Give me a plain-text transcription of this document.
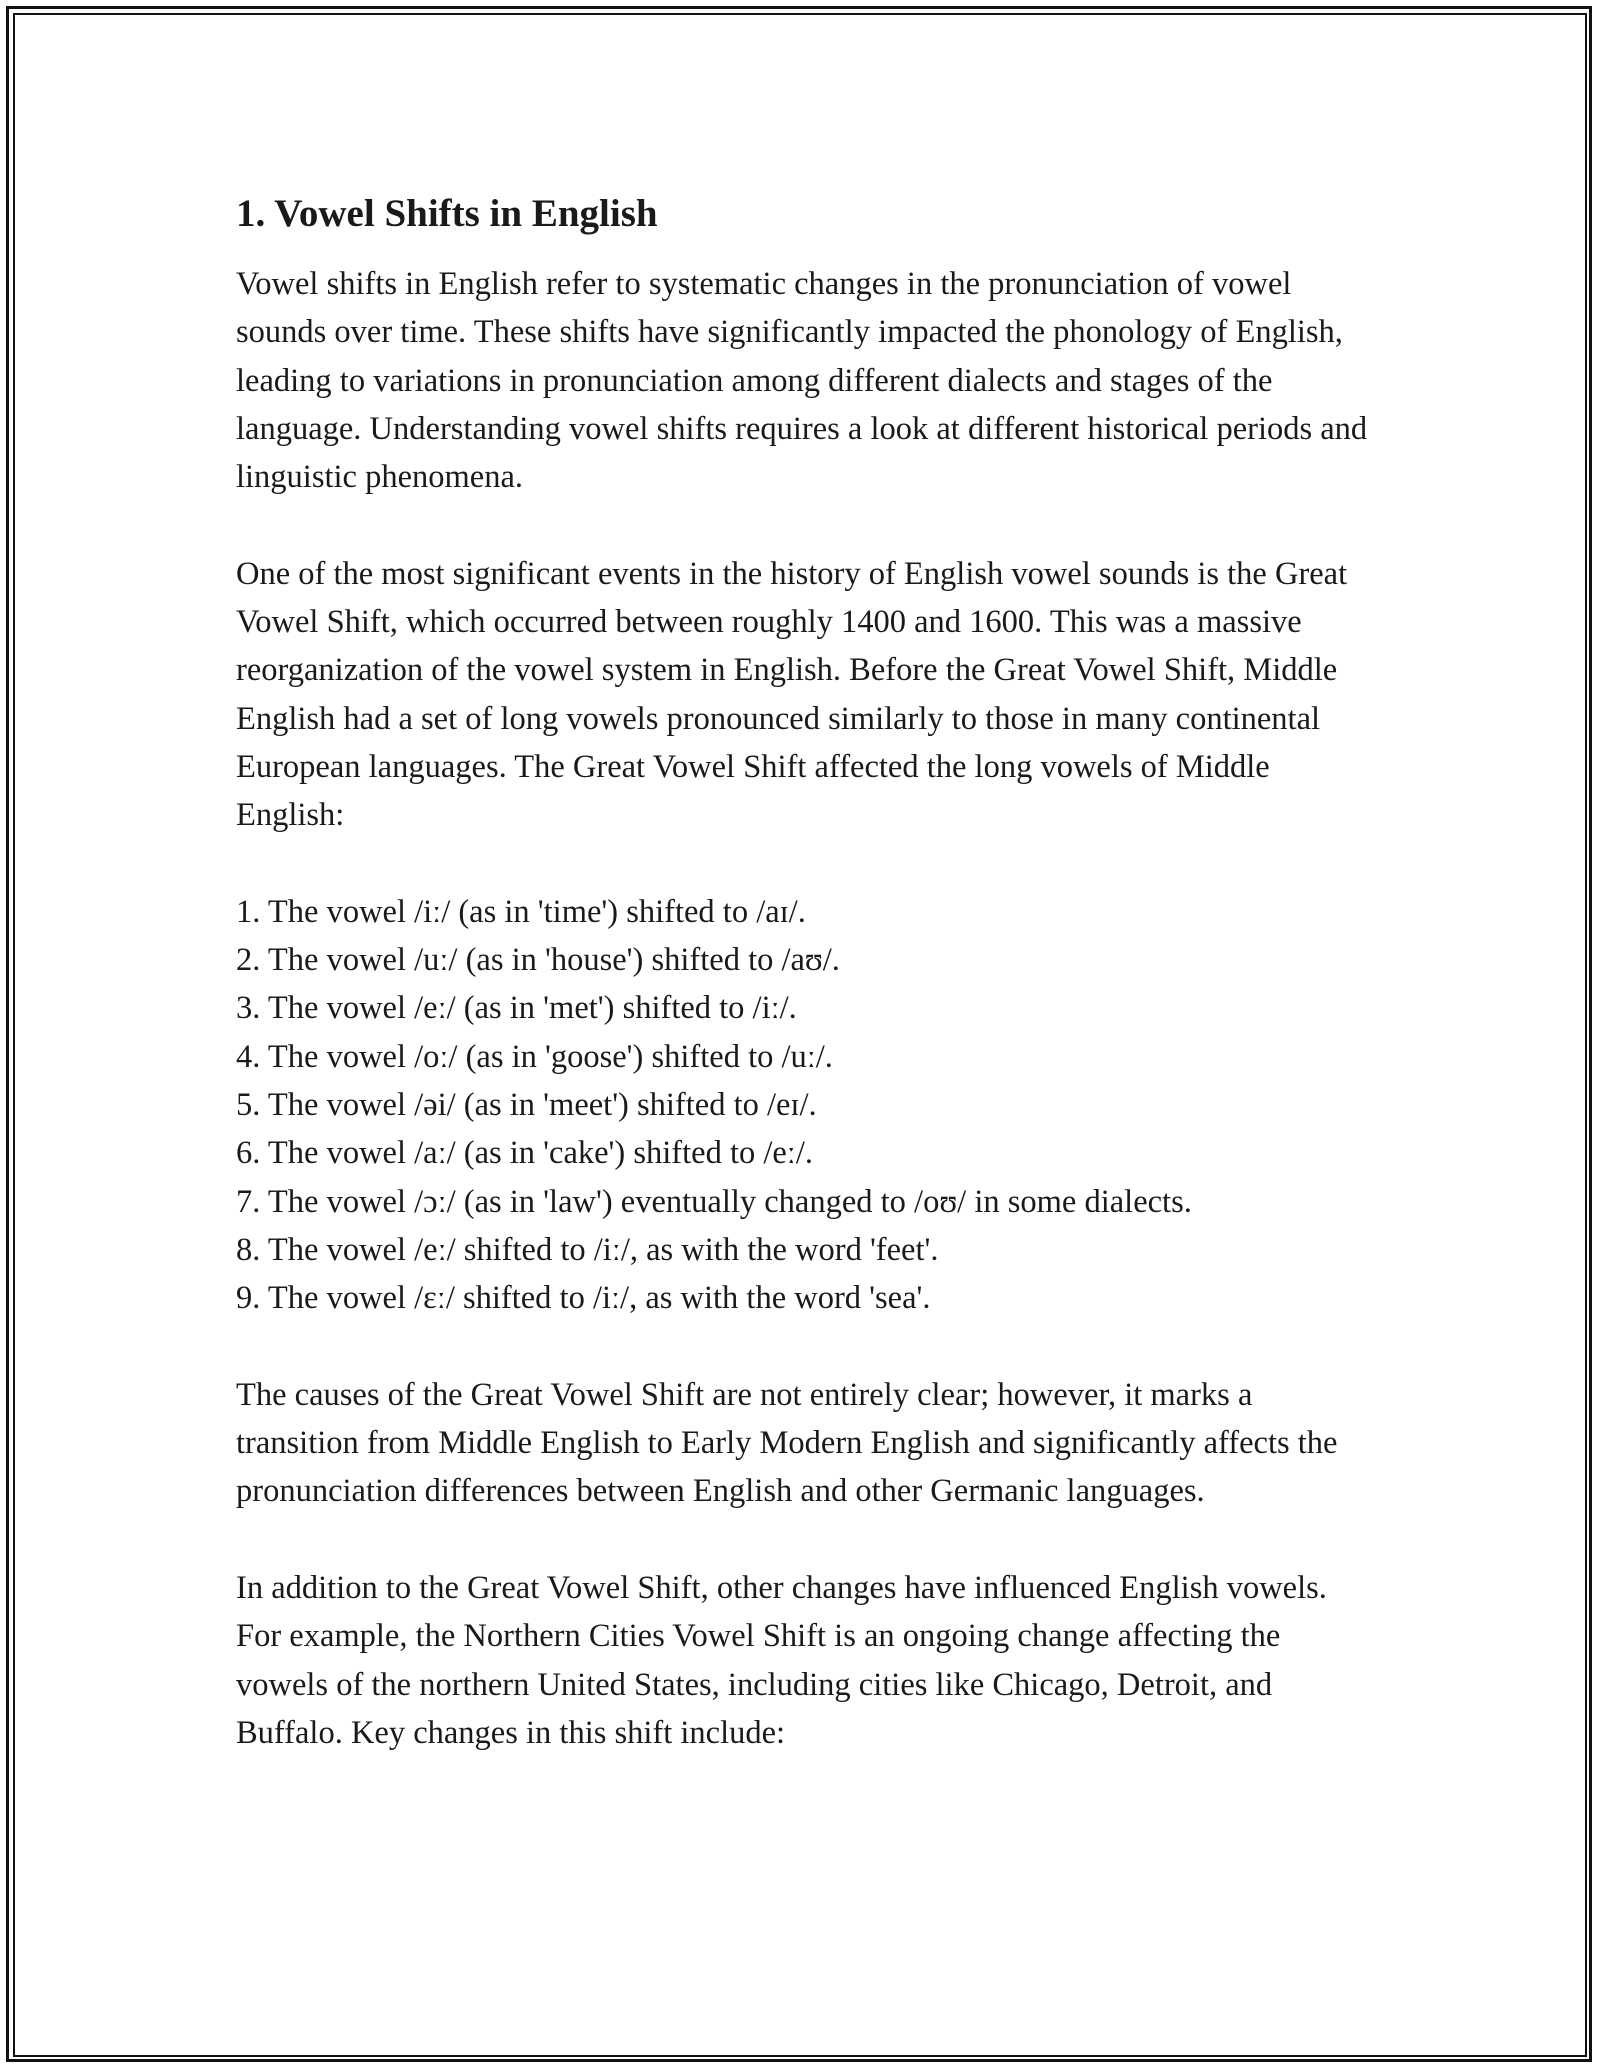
1. Vowel Shifts in English

Vowel shifts in English refer to systematic changes in the pronunciation of vowel sounds over time. These shifts have significantly impacted the phonology of English, leading to variations in pronunciation among different dialects and stages of the language. Understanding vowel shifts requires a look at different historical periods and linguistic phenomena.

One of the most significant events in the history of English vowel sounds is the Great Vowel Shift, which occurred between roughly 1400 and 1600. This was a massive reorganization of the vowel system in English. Before the Great Vowel Shift, Middle English had a set of long vowels pronounced similarly to those in many continental European languages. The Great Vowel Shift affected the long vowels of Middle English:

1. The vowel /iː/ (as in 'time') shifted to /aɪ/.
2. The vowel /uː/ (as in 'house') shifted to /aʊ/.
3. The vowel /eː/ (as in 'met') shifted to /iː/.
4. The vowel /oː/ (as in 'goose') shifted to /uː/.
5. The vowel /əi/ (as in 'meet') shifted to /eɪ/.
6. The vowel /aː/ (as in 'cake') shifted to /eː/.
7. The vowel /ɔː/ (as in 'law') eventually changed to /oʊ/ in some dialects.
8. The vowel /eː/ shifted to /iː/, as with the word 'feet'.
9. The vowel /ɛː/ shifted to /iː/, as with the word 'sea'.

The causes of the Great Vowel Shift are not entirely clear; however, it marks a transition from Middle English to Early Modern English and significantly affects the pronunciation differences between English and other Germanic languages.

In addition to the Great Vowel Shift, other changes have influenced English vowels. For example, the Northern Cities Vowel Shift is an ongoing change affecting the vowels of the northern United States, including cities like Chicago, Detroit, and Buffalo. Key changes in this shift include:
